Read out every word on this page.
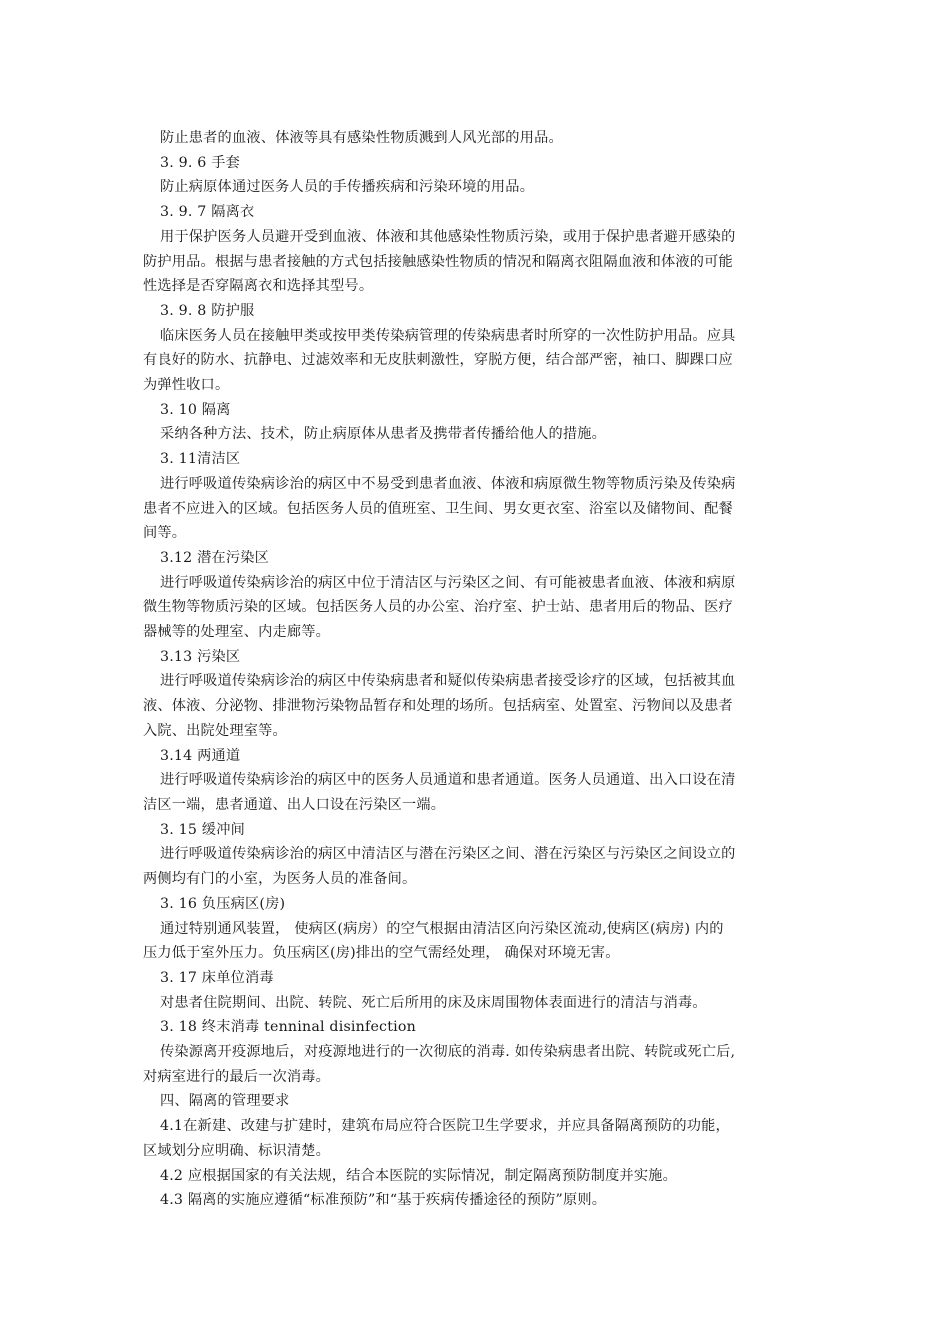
防止患者的血液、体液等具有感染性物质溅到人风光部的用品。
3. 9. 6 手套
防止病原体通过医务人员的手传播疾病和污染环境的用品。
3. 9. 7 隔离衣
用于保护医务人员避开受到血液、体液和其他感染性物质污染，或用于保护患者避开感染的
防护用品。根据与患者接触的方式包括接触感染性物质的情况和隔离衣阻隔血液和体液的可能
性选择是否穿隔离衣和选择其型号。
3. 9. 8 防护服
临床医务人员在接触甲类或按甲类传染病管理的传染病患者时所穿的一次性防护用品。应具
有良好的防水、抗静电、过滤效率和无皮肤刺激性，穿脱方便，结合部严密，袖口、脚踝口应
为弹性收口。
3. 10 隔离
采纳各种方法、技术，防止病原体从患者及携带者传播给他人的措施。
3. 11清洁区
进行呼吸道传染病诊治的病区中不易受到患者血液、体液和病原微生物等物质污染及传染病
患者不应进入的区域。包括医务人员的值班室、卫生间、男女更衣室、浴室以及储物间、配餐
间等。
3.12 潜在污染区
进行呼吸道传染病诊治的病区中位于清洁区与污染区之间、有可能被患者血液、体液和病原
微生物等物质污染的区域。包括医务人员的办公室、治疗室、护士站、患者用后的物品、医疗
器械等的处理室、内走廊等。
3.13 污染区
进行呼吸道传染病诊治的病区中传染病患者和疑似传染病患者接受诊疗的区域，包括被其血
液、体液、分泌物、排泄物污染物品暂存和处理的场所。包括病室、处置室、污物间以及患者
入院、出院处理室等。
3.14 两通道
进行呼吸道传染病诊治的病区中的医务人员通道和患者通道。医务人员通道、出入口设在清
洁区一端，患者通道、出人口设在污染区一端。
3. 15 缓冲间
进行呼吸道传染病诊治的病区中清洁区与潜在污染区之间、潜在污染区与污染区之间设立的
两侧均有门的小室，为医务人员的准备间。
3. 16 负压病区(房)
通过特别通风装置， 使病区(病房）的空气根据由清洁区向污染区流动,使病区(病房) 内的
压力低于室外压力。负压病区(房)排出的空气需经处理， 确保对环境无害。
3. 17 床单位消毒
对患者住院期间、出院、转院、死亡后所用的床及床周围物体表面进行的清洁与消毒。
3. 18 终末消毒 tenninal disinfection
传染源离开疫源地后，对疫源地进行的一次彻底的消毒. 如传染病患者出院、转院或死亡后,
对病室进行的最后一次消毒。
四、隔离的管理要求
4.1在新建、改建与扩建时，建筑布局应符合医院卫生学要求，并应具备隔离预防的功能，
区域划分应明确、标识清楚。
4.2 应根据国家的有关法规，结合本医院的实际情况，制定隔离预防制度并实施。
4.3 隔离的实施应遵循“标准预防”和“基于疾病传播途径的预防”原则。
